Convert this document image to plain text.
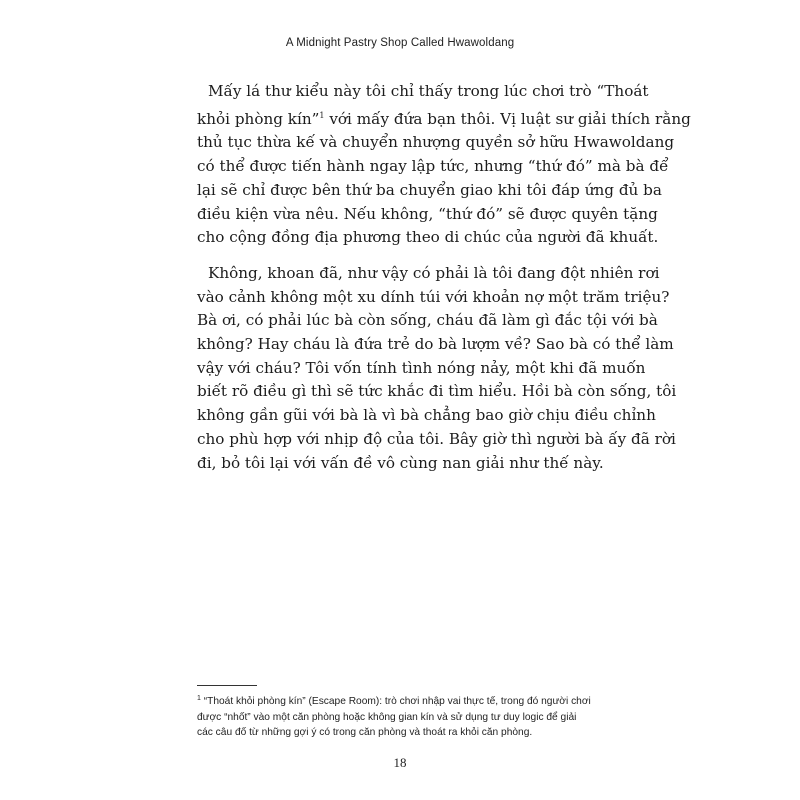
A Midnight Pastry Shop Called Hwawoldang
Mấy lá thư kiểu này tôi chỉ thấy trong lúc chơi trò “Thoát
khỏi phòng kín”$^1$ với mấy đứa bạn thôi. Vị luật sư giải thích rằng
thủ tục thừa kế và chuyển nhượng quyền sở hữu Hwawoldang
có thể được tiến hành ngay lập tức, nhưng “thứ đó” mà bà để
lại sẽ chỉ được bên thứ ba chuyển giao khi tôi đáp ứng đủ ba
điều kiện vừa nêu. Nếu không, “thứ đó” sẽ được quyên tặng
cho cộng đồng địa phương theo di chúc của người đã khuất.
Không, khoan đã, như vậy có phải là tôi đang đột nhiên rơi
vào cảnh không một xu dính túi với khoản nợ một trăm triệu?
Bà ơi, có phải lúc bà còn sống, cháu đã làm gì đắc tội với bà
không? Hay cháu là đứa trẻ do bà lượm về? Sao bà có thể làm
vậy với cháu? Tôi vốn tính tình nóng nảy, một khi đã muốn
biết rõ điều gì thì sẽ tức khắc đi tìm hiểu. Hồi bà còn sống, tôi
không gần gũi với bà là vì bà chẳng bao giờ chịu điều chỉnh
cho phù hợp với nhịp độ của tôi. Bây giờ thì người bà ấy đã rời
đi, bỏ tôi lại với vấn đề vô cùng nan giải như thế này.
$^1$ “Thoát khỏi phòng kín” (Escape Room): trò chơi nhập vai thực tế, trong đó người chơi
được “nhốt” vào một căn phòng hoặc không gian kín và sử dụng tư duy logic để giải
các câu đố từ những gợi ý có trong căn phòng và thoát ra khỏi căn phòng.
18
